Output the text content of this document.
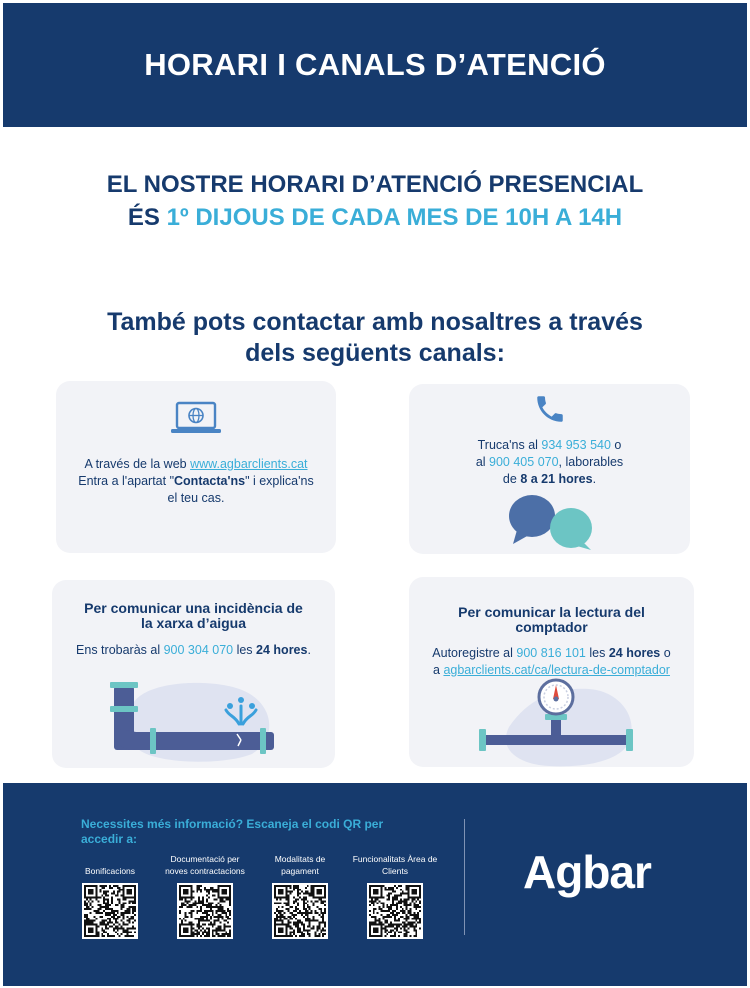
HORARI I CANALS D’ATENCIÓ
EL NOSTRE HORARI D’ATENCIÓ PRESENCIAL
ÉS 1º DIJOUS DE CADA MES DE 10H A 14H
També pots contactar amb nosaltres a través
dels següents canals:
A través de la web www.agbarclients.cat
Entra a l'apartat "Contacta'ns" i explica'ns
el teu cas.
Truca'ns al 934 953 540 o
al 900 405 070, laborables
de 8 a 21 hores.
Per comunicar una incidència de
la xarxa d’aigua
Ens trobaràs al 900 304 070 les 24 hores.
Per comunicar la lectura del
comptador
Autoregistre al 900 816 101 les 24 hores o
a agbarclients.cat/ca/lectura-de-comptador
Necessites més informació? Escaneja el codi QR per accedir a:
Bonificacions
Documentació per noves contractacions
Modalitats de pagament
Funcionalitats Àrea de Clients	Agbar
